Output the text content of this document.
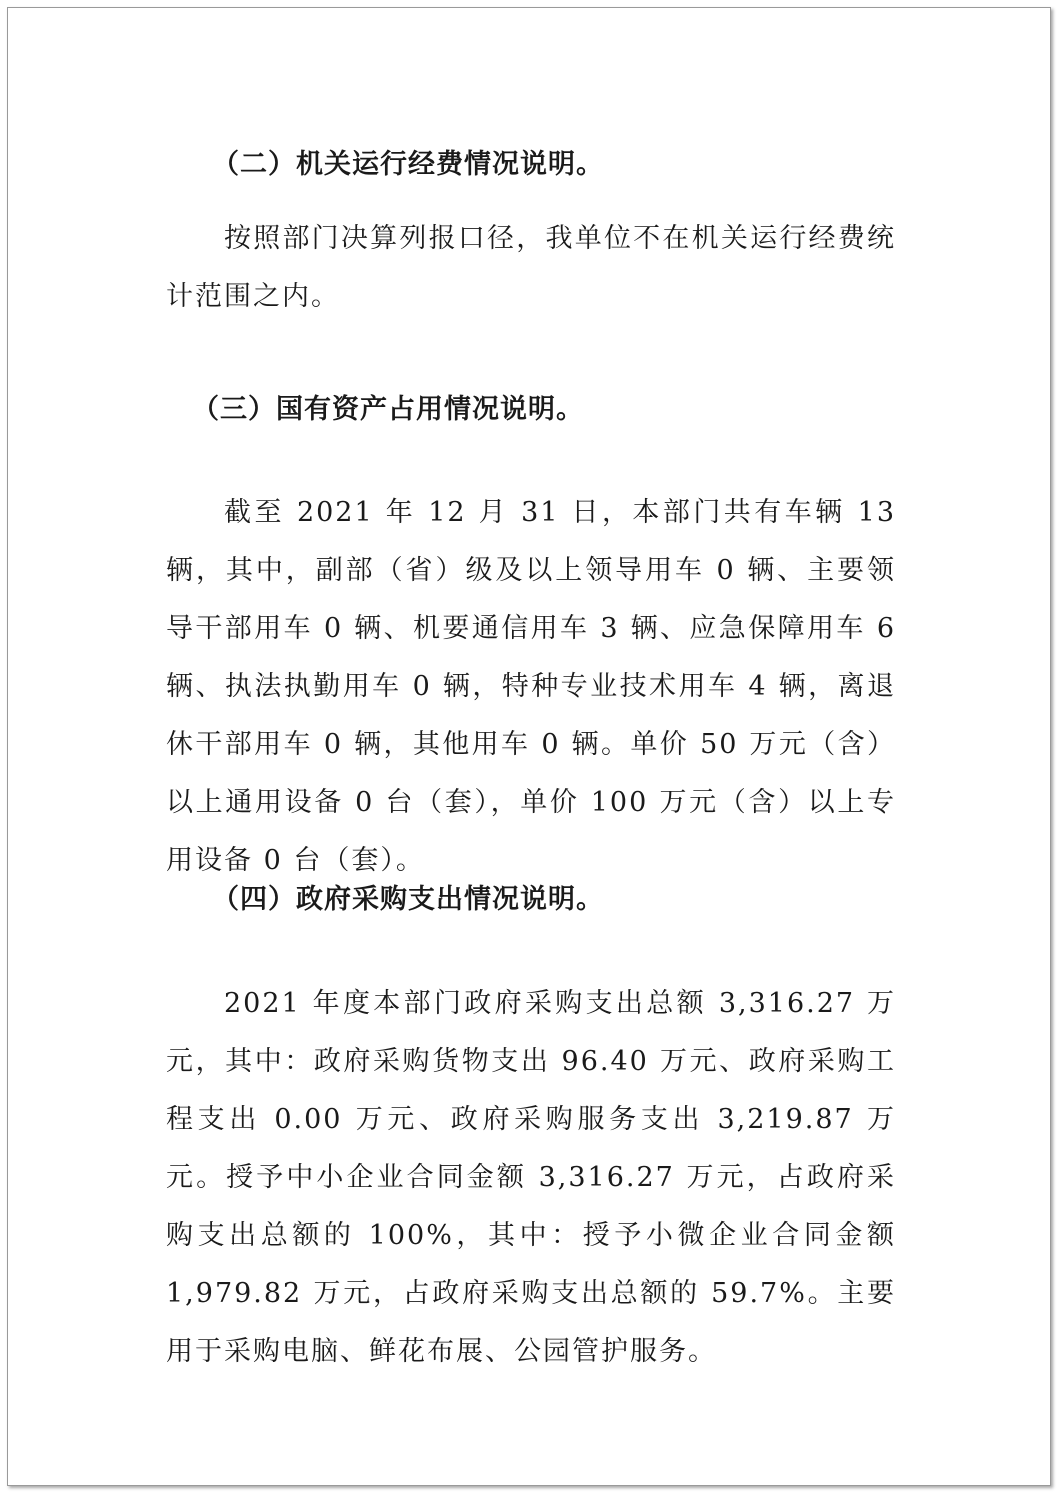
（二）机关运行经费情况说明。

按照部门决算列报口径，我单位不在机关运行经费统计范围之内。

（三）国有资产占用情况说明。

截至 2021 年 12 月 31 日，本部门共有车辆 13 辆，其中，副部（省）级及以上领导用车 0 辆、主要领导干部用车 0 辆、机要通信用车 3 辆、应急保障用车 6 辆、执法执勤用车 0 辆，特种专业技术用车 4 辆，离退休干部用车 0 辆，其他用车 0 辆。单价 50 万元（含）以上通用设备 0 台（套），单价 100 万元（含）以上专用设备 0 台（套）。

（四）政府采购支出情况说明。

2021 年度本部门政府采购支出总额 3,316.27 万元，其中：政府采购货物支出 96.40 万元、政府采购工程支出 0.00 万元、政府采购服务支出 3,219.87 万元。授予中小企业合同金额 3,316.27 万元，占政府采购支出总额的 100%，其中：授予小微企业合同金额 1,979.82 万元，占政府采购支出总额的 59.7%。主要用于采购电脑、鲜花布展、公园管护服务。
